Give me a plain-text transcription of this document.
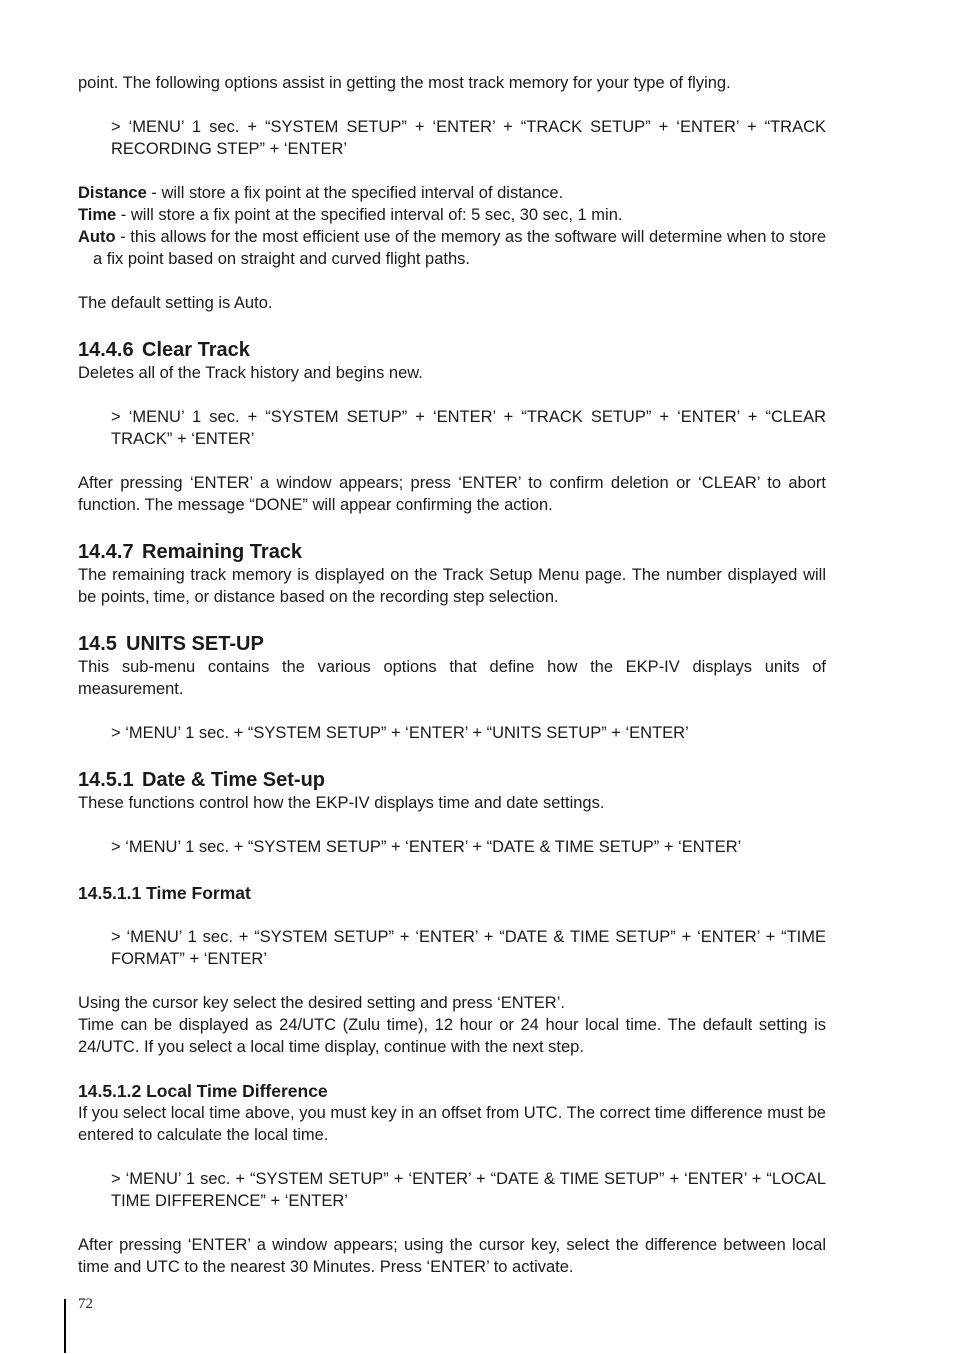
point. The following options assist in getting the most track memory for your type of flying.

> ‘MENU’ 1 sec. + “SYSTEM SETUP” + ‘ENTER’ + “TRACK SETUP” + ‘ENTER’ + “TRACK RECORDING STEP” + ‘ENTER’

Distance - will store a fix point at the specified interval of distance.

Time - will store a fix point at the specified interval of: 5 sec, 30 sec, 1 min.

Auto - this allows for the most efficient use of the memory as the software will determine when to store a fix point based on straight and curved flight paths.

The default setting is Auto.

14.4.6 Clear Track

Deletes all of the Track history and begins new.

> ‘MENU’ 1 sec. + “SYSTEM SETUP” + ‘ENTER’ + “TRACK SETUP” + ‘ENTER’ + “CLEAR TRACK” + ‘ENTER’

After pressing ‘ENTER’ a window appears; press ‘ENTER’ to confirm deletion or ‘CLEAR’ to abort function. The message “DONE” will appear confirming the action.

14.4.7 Remaining Track

The remaining track memory is displayed on the Track Setup Menu page. The number displayed will be points, time, or distance based on the recording step selection.

14.5 UNITS SET-UP

This sub-menu contains the various options that define how the EKP-IV displays units of measurement.

> ‘MENU’ 1 sec. + “SYSTEM SETUP” + ‘ENTER’ + “UNITS SETUP” + ‘ENTER’

14.5.1 Date & Time Set-up

These functions control how the EKP-IV displays time and date settings.

> ‘MENU’ 1 sec. + “SYSTEM SETUP” + ‘ENTER’ + “DATE & TIME SETUP” + ‘ENTER’

14.5.1.1 Time Format

> ‘MENU’ 1 sec. + “SYSTEM SETUP” + ‘ENTER’ + “DATE & TIME SETUP” + ‘ENTER’ + “TIME FORMAT” + ‘ENTER’

Using the cursor key select the desired setting and press ‘ENTER’.

Time can be displayed as 24/UTC (Zulu time), 12 hour or 24 hour local time. The default setting is 24/UTC. If you select a local time display, continue with the next step.

14.5.1.2 Local Time Difference

If you select local time above, you must key in an offset from UTC. The correct time difference must be entered to calculate the local time.

> ‘MENU’ 1 sec. + “SYSTEM SETUP” + ‘ENTER’ + “DATE & TIME SETUP” + ‘ENTER’ + “LOCAL TIME DIFFERENCE” + ‘ENTER’

After pressing ‘ENTER’ a window appears; using the cursor key, select the difference between local time and UTC to the nearest 30 Minutes. Press ‘ENTER’ to activate.

72
